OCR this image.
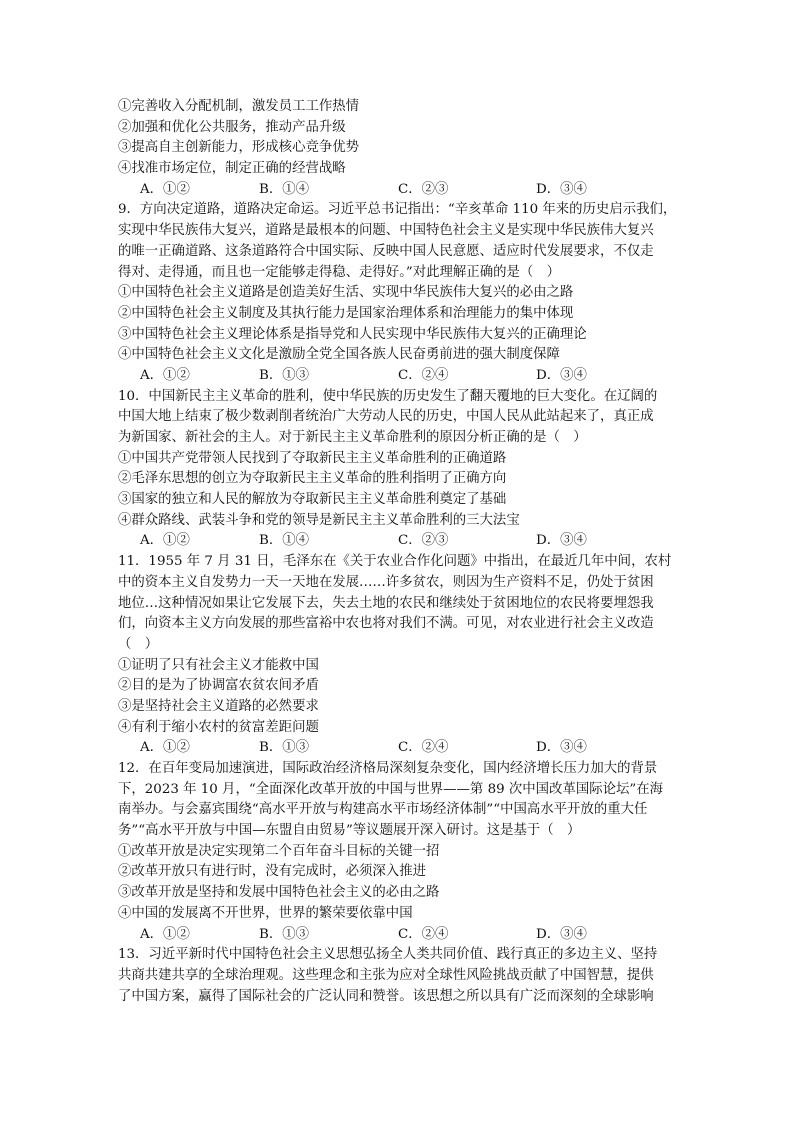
①完善收入分配机制，激发员工工作热情
②加强和优化公共服务，推动产品升级
③提高自主创新能力，形成核心竞争优势
④找准市场定位，制定正确的经营战略
A．①②	B．①④	C．②③	D．③④
9．方向决定道路，道路决定命运。习近平总书记指出：“辛亥革命 110 年来的历史启示我们，
实现中华民族伟大复兴，道路是最根本的问题、中国特色社会主义是实现中华民族伟大复兴
的唯一正确道路、这条道路符合中国实际、反映中国人民意愿、适应时代发展要求，不仅走
得对、走得通，而且也一定能够走得稳、走得好。”对此理解正确的是（　）
①中国特色社会主义道路是创造美好生活、实现中华民族伟大复兴的必由之路
②中国特色社会主义制度及其执行能力是国家治理体系和治理能力的集中体现
③中国特色社会主义理论体系是指导党和人民实现中华民族伟大复兴的正确理论
④中国特色社会主义文化是激励全党全国各族人民奋勇前进的强大制度保障
A．①②	B．①③	C．②④	D．③④
10．中国新民主主义革命的胜利，使中华民族的历史发生了翻天覆地的巨大变化。在辽阔的
中国大地上结束了极少数剥削者统治广大劳动人民的历史，中国人民从此站起来了，真正成
为新国家、新社会的主人。对于新民主主义革命胜利的原因分析正确的是（　）
①中国共产党带领人民找到了夺取新民主主义革命胜利的正确道路
②毛泽东思想的创立为夺取新民主主义革命的胜利指明了正确方向
③国家的独立和人民的解放为夺取新民主主义革命胜利奠定了基础
④群众路线、武装斗争和党的领导是新民主主义革命胜利的三大法宝
A．①②	B．①④	C．②③	D．③④
11．1955 年 7 月 31 日，毛泽东在《关于农业合作化问题》中指出，在最近几年中间，农村
中的资本主义自发势力一天一天地在发展……许多贫农，则因为生产资料不足，仍处于贫困
地位…这种情况如果让它发展下去，失去土地的农民和继续处于贫困地位的农民将要埋怨我
们，向资本主义方向发展的那些富裕中农也将对我们不满。可见，对农业进行社会主义改造
（　）
①证明了只有社会主义才能救中国
②目的是为了协调富农贫农间矛盾
③是坚持社会主义道路的必然要求
④有利于缩小农村的贫富差距问题
A．①②	B．①③	C．②④	D．③④
12．在百年变局加速演进，国际政治经济格局深刻复杂变化，国内经济增长压力加大的背景
下，2023 年 10 月，“全面深化改革开放的中国与世界——第 89 次中国改革国际论坛”在海
南举办。与会嘉宾围绕“高水平开放与构建高水平市场经济体制”“中国高水平开放的重大任
务”“高水平开放与中国—东盟自由贸易”等议题展开深入研讨。这是基于（　）
①改革开放是决定实现第二个百年奋斗目标的关键一招
②改革开放只有进行时，没有完成时，必须深入推进
③改革开放是坚持和发展中国特色社会主义的必由之路
④中国的发展离不开世界，世界的繁荣要依靠中国
A．①②	B．①③	C．②④	D．③④
13．习近平新时代中国特色社会主义思想弘扬全人类共同价值、践行真正的多边主义、坚持
共商共建共享的全球治理观。这些理念和主张为应对全球性风险挑战贡献了中国智慧，提供
了中国方案，赢得了国际社会的广泛认同和赞誉。该思想之所以具有广泛而深刻的全球影响
